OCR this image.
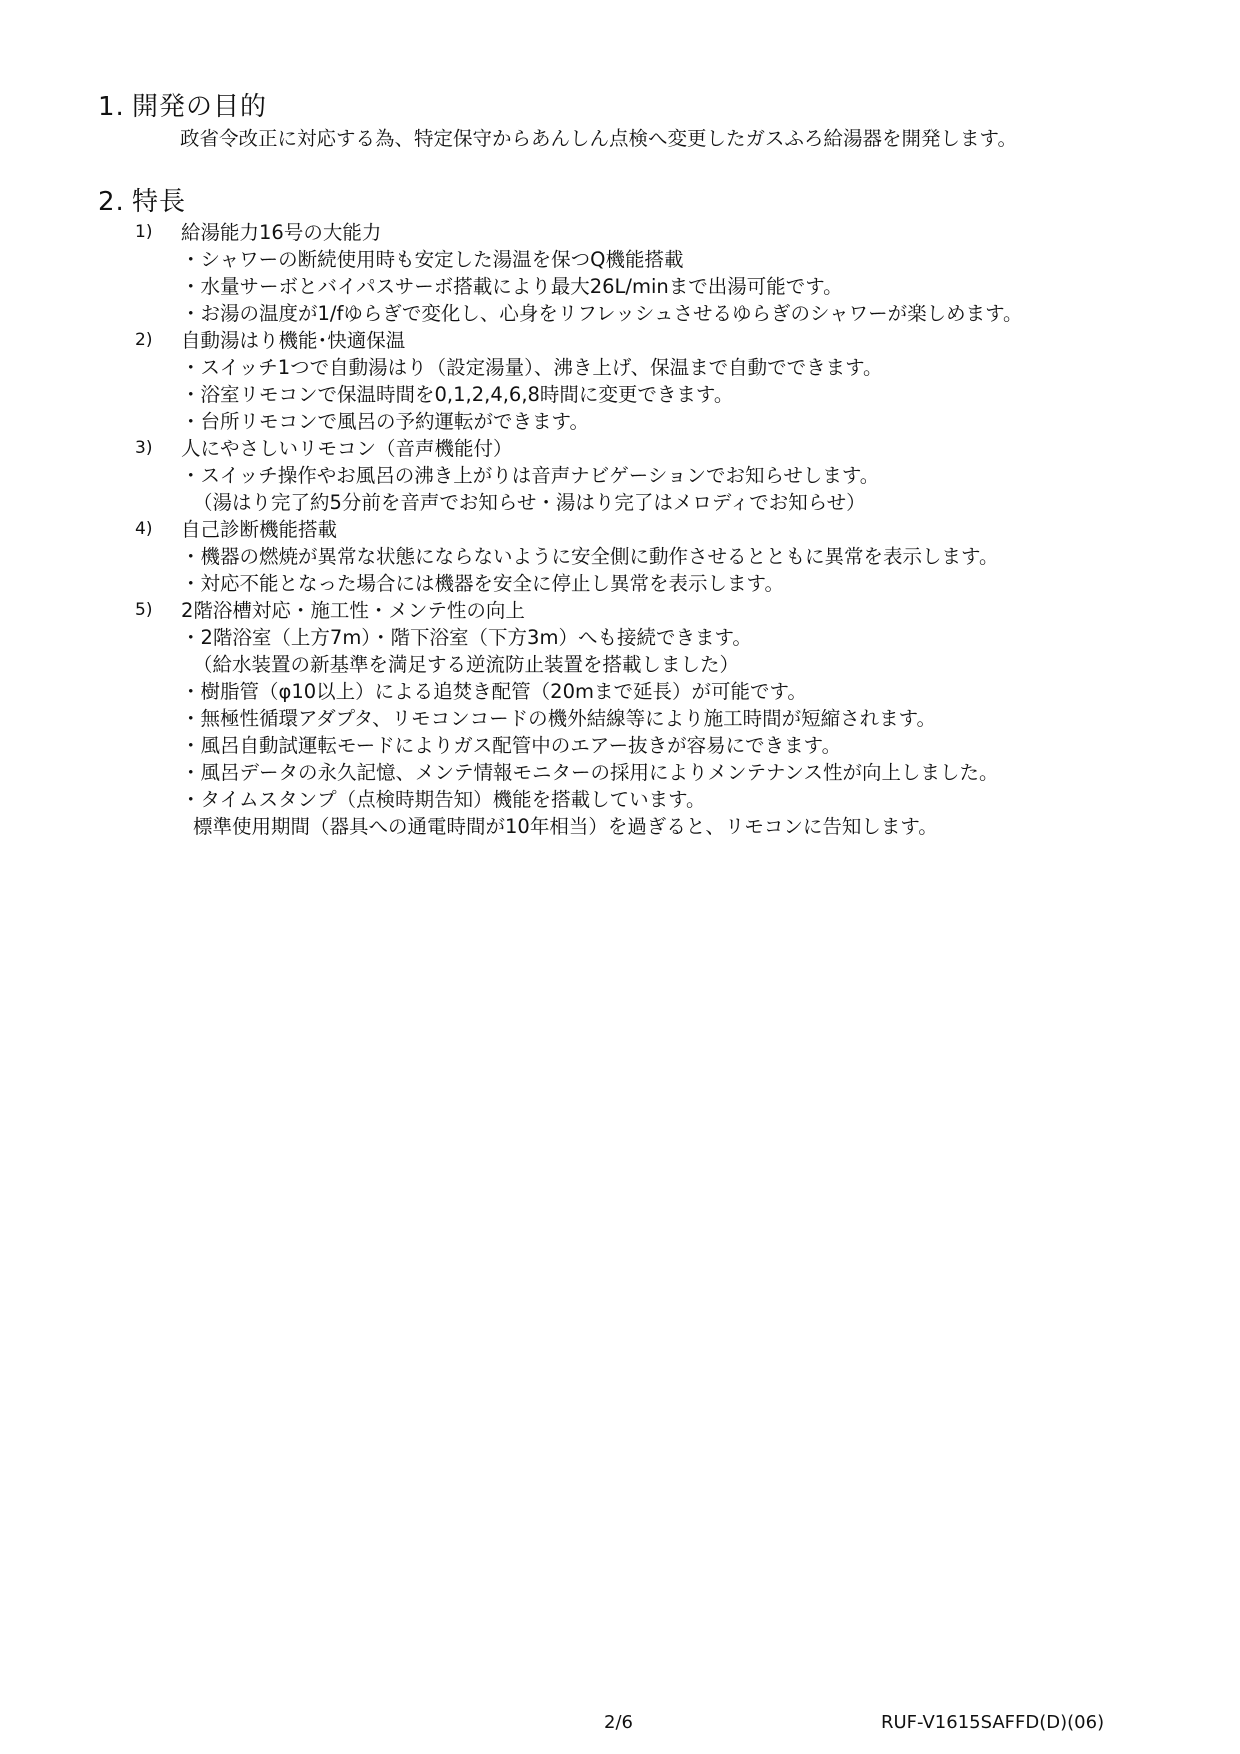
1. 開発の目的
政省令改正に対応する為、特定保守からあんしん点検へ変更したガスふろ給湯器を開発します。
2. 特長
1) 給湯能力16号の大能力
・シャワーの断続使用時も安定した湯温を保つQ機能搭載
・水量サーボとバイパスサーボ搭載により最大26L/minまで出湯可能です。
・お湯の温度が1/fゆらぎで変化し、心身をリフレッシュさせるゆらぎのシャワーが楽しめます。
2) 自動湯はり機能･快適保温
・スイッチ1つで自動湯はり（設定湯量）、沸き上げ、保温まで自動でできます。
・浴室リモコンで保温時間を0,1,2,4,6,8時間に変更できます。
・台所リモコンで風呂の予約運転ができます。
3) 人にやさしいリモコン（音声機能付）
・スイッチ操作やお風呂の沸き上がりは音声ナビゲーションでお知らせします。
（湯はり完了約5分前を音声でお知らせ・湯はり完了はメロディでお知らせ）
4) 自己診断機能搭載
・機器の燃焼が異常な状態にならないように安全側に動作させるとともに異常を表示します。
・対応不能となった場合には機器を安全に停止し異常を表示します。
5) 2階浴槽対応・施工性・メンテ性の向上
・2階浴室（上方7m）・階下浴室（下方3m）へも接続できます。
（給水装置の新基準を満足する逆流防止装置を搭載しました）
・樹脂管（φ10以上）による追焚き配管（20mまで延長）が可能です。
・無極性循環アダプタ、リモコンコードの機外結線等により施工時間が短縮されます。
・風呂自動試運転モードによりガス配管中のエアー抜きが容易にできます。
・風呂データの永久記憶、メンテ情報モニターの採用によりメンテナンス性が向上しました。
・タイムスタンプ（点検時期告知）機能を搭載しています。
標準使用期間（器具への通電時間が10年相当）を過ぎると、リモコンに告知します。
2/6	RUF-V1615SAFFD(D)(06)
